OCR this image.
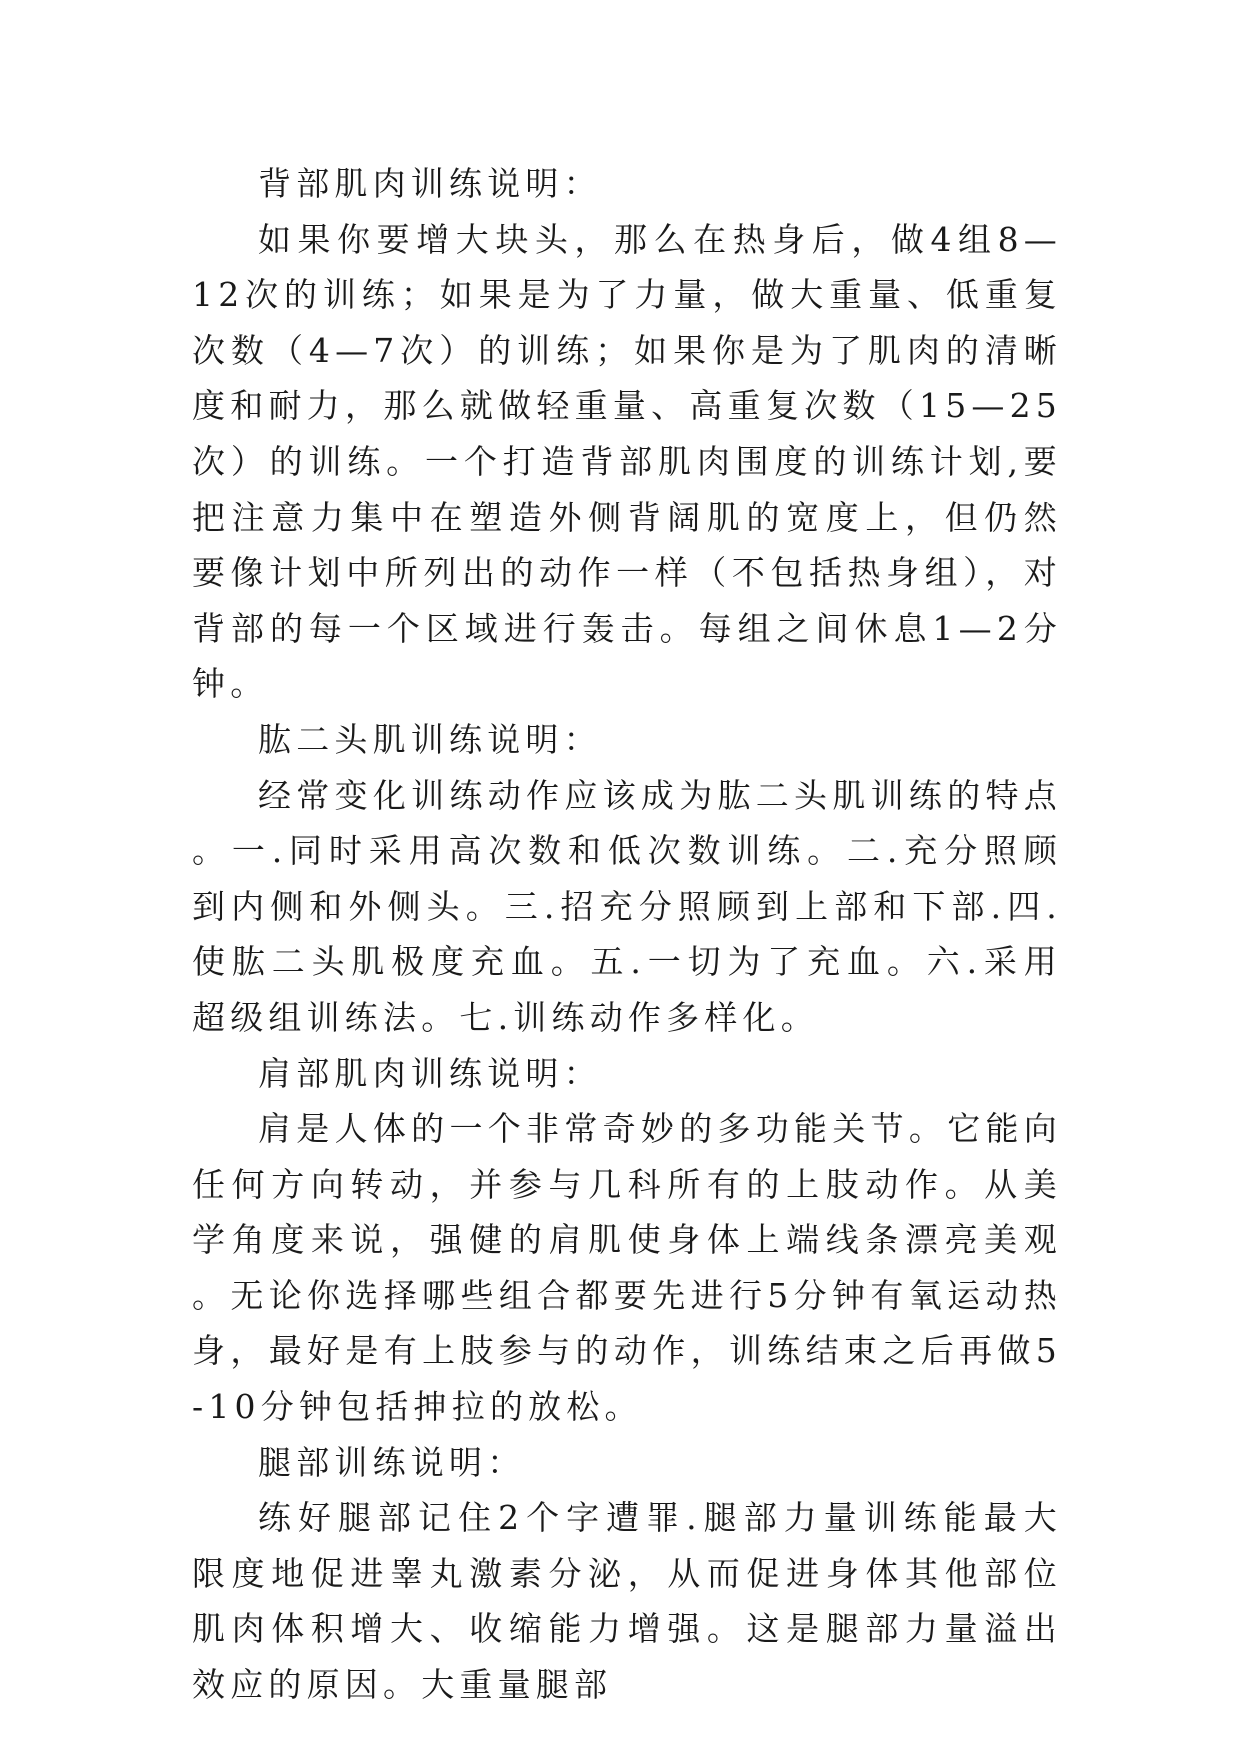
背部肌肉训练说明：

如果你要增大块头，那么在热身后，做4组8—12次的训练；如果是为了力量，做大重量、低重复次数（4—7次）的训练；如果你是为了肌肉的清晰度和耐力，那么就做轻重量、高重复次数（15—25次）的训练。一个打造背部肌肉围度的训练计划,要把注意力集中在塑造外侧背阔肌的宽度上，但仍然要像计划中所列出的动作一样（不包括热身组），对背部的每一个区域进行轰击。每组之间休息1—2分钟。

肱二头肌训练说明：

经常变化训练动作应该成为肱二头肌训练的特点。一.同时采用高次数和低次数训练。二.充分照顾到内侧和外侧头。三.招充分照顾到上部和下部.四.使肱二头肌极度充血。五.一切为了充血。六.采用超级组训练法。七.训练动作多样化。

肩部肌肉训练说明：

肩是人体的一个非常奇妙的多功能关节。它能向任何方向转动，并参与几科所有的上肢动作。从美学角度来说，强健的肩肌使身体上端线条漂亮美观。无论你选择哪些组合都要先进行5分钟有氧运动热身，最好是有上肢参与的动作，训练结束之后再做5-10分钟包括抻拉的放松。

腿部训练说明：

练好腿部记住2个字遭罪.腿部力量训练能最大限度地促进睾丸激素分泌，从而促进身体其他部位肌肉体积增大、收缩能力增强。这是腿部力量溢出效应的原因。大重量腿部
